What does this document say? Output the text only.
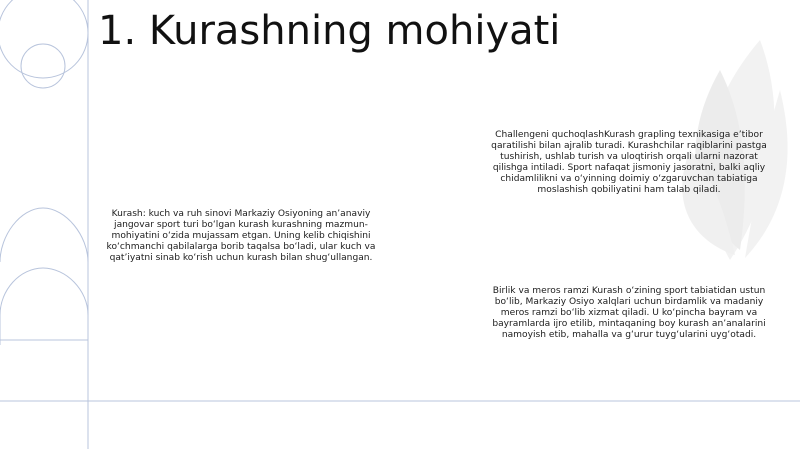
1. Kurashning mohiyati

Kurash: kuch va ruh sinovi Markaziy Osiyoning an’anaviy jangovar sport turi boʻlgan kurash kurashning mazmun-mohiyatini oʻzida mujassam etgan. Uning kelib chiqishini koʻchmanchi qabilalarga borib taqalsa boʻladi, ular kuch va qat’iyatni sinab koʻrish uchun kurash bilan shugʻullangan.

Challengeni quchoqlashKurash grapling texnikasiga e’tibor qaratilishi bilan ajralib turadi. Kurashchilar raqiblarini pastga tushirish, ushlab turish va uloqtirish orqali ularni nazorat qilishga intiladi. Sport nafaqat jismoniy jasoratni, balki aqliy chidamlilikni va oʻyinning doimiy oʻzgaruvchan tabiatiga moslashish qobiliyatini ham talab qiladi.

Birlik va meros ramzi Kurash oʻzining sport tabiatidan ustun boʻlib, Markaziy Osiyo xalqlari uchun birdamlik va madaniy meros ramzi boʻlib xizmat qiladi. U koʻpincha bayram va bayramlarda ijro etilib, mintaqaning boy kurash an’analarini namoyish etib, mahalla va gʻurur tuygʻularini uygʻotadi.
